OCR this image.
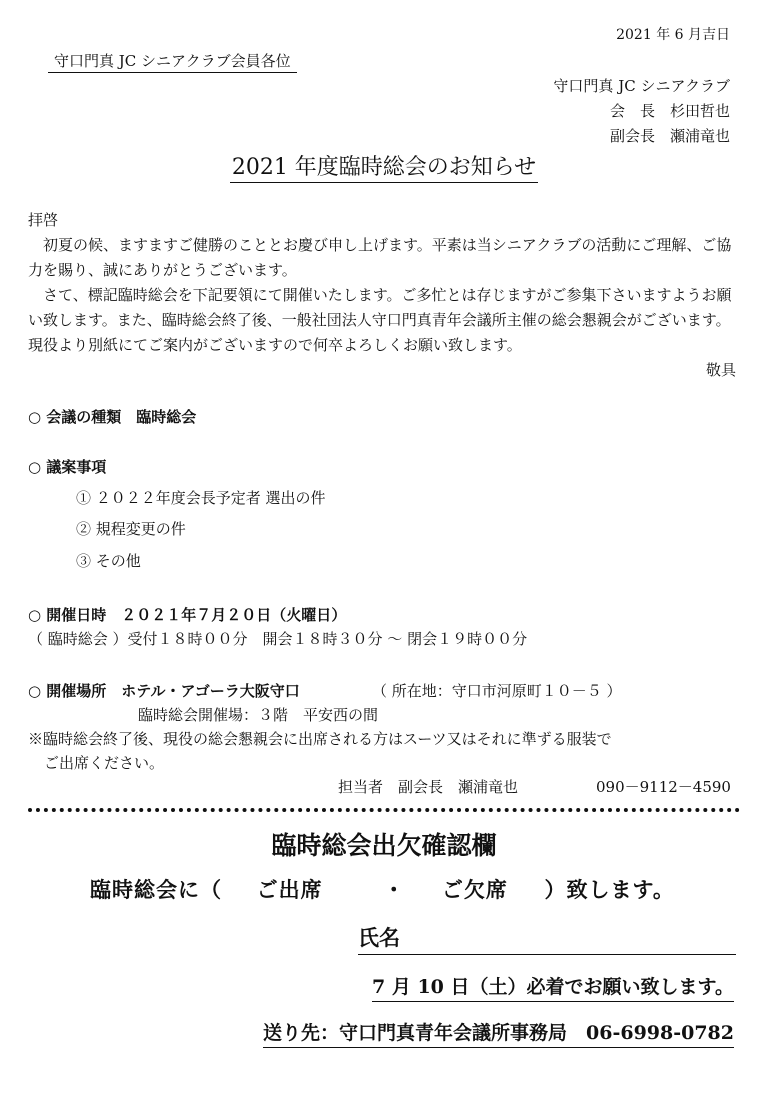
2021 年 6 月吉日
守口門真 JC シニアクラブ会員各位
守口門真 JC シニアクラブ
会　長　杉田哲也
副会長　瀬浦竜也
2021 年度臨時総会のお知らせ

拝啓

初夏の候、ますますご健勝のこととお慶び申し上げます。平素は当シニアクラブの活動にご理解、ご協力を賜り、誠にありがとうございます。

さて、標記臨時総会を下記要領にて開催いたします。ご多忙とは存じますがご参集下さいますようお願い致します。また、臨時総会終了後、一般社団法人守口門真青年会議所主催の総会懇親会がございます。現役より別紙にてご案内がございますので何卒よろしくお願い致します。

敬具

○ 会議の種類　臨時総会
○ 議案事項
① ２０２２年度会長予定者 選出の件
② 規程変更の件
③ その他
○ 開催日時　２０２１年７月２０日（火曜日）
（ 臨時総会 ）受付１８時００分　開会１８時３０分 ～ 閉会１９時００分
○ 開催場所　ホテル・アゴーラ大阪守口	（ 所在地：守口市河原町１０－５ ）
臨時総会開催場：３階　平安西の間
※臨時総会終了後、現役の総会懇親会に出席される方はスーツ又はそれに準ずる服装で
ご出席ください。
担当者　副会長　瀬浦竜也	090－9112－4590
臨時総会出欠確認欄
臨時総会に（ ご出席	・ ご欠席 ）致します。
氏名
7 月 10 日（土）必着でお願い致します。
送り先：守口門真青年会議所事務局　06-6998-0782
